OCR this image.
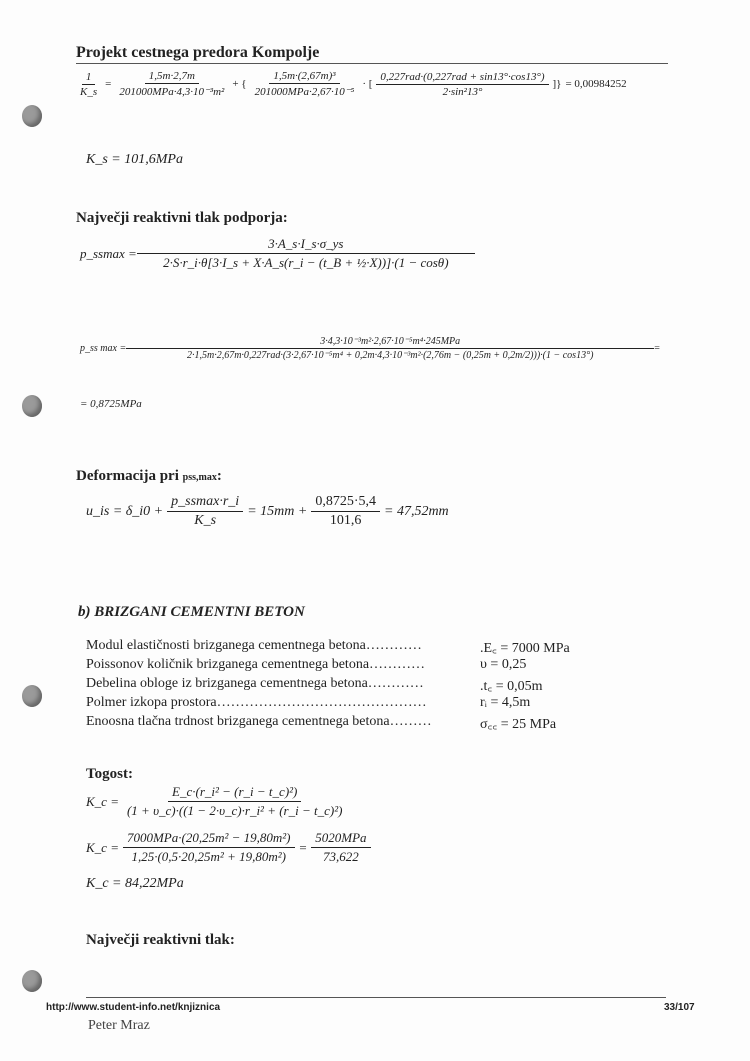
Projekt cestnega predora Kompolje
$\frac{1}{K\_s} = \frac{1,5m\cdot 2,7m}{\text{201000MPa·4,3·10⁻³m²}}$ + { $\frac{\text{1,5m·(2,67m)³}}{\text{201000MPa·2,67·10⁻⁵}}$ · [ $\frac{\text{0,227rad·(0,227rad + sin13°·cos13°)}}{\text{2·sin²13°}}$ ]} = 0,00984252
K_s = 101,6MPa
Največji reaktivni tlak podporja:
p_ssmax = $\frac{3\cdot A\_s\cdot I\_s\cdot\sigma\_ys}{\text{2·S·r\_i·θ[3·I\_s + X·A\_s(r\_i − (t\_B + ½·X))]·(1 − cosθ)}}$
p_ss max =
3·4,3·10⁻³m²·2,67·10⁻⁵m⁴·245MPa
2·1,5m·2,67m·0,227rad·(3·2,67·10⁻⁵m⁴ + 0,2m·4,3·10⁻³m²·(2,76m − (0,25m + 0,2m/2)))·(1 − cos13°)
=
= 0,8725MPa
Deformacija pri pss,max:
u_is = δ_i0 + $\frac{p\_ssmax\cdot r\_i}{K\_s} = 15mm + \frac{0,8725\cdot 5,4}{101,6} = 47,52mm$
b) BRIZGANI CEMENTNI BETON
Modul elastičnosti brizganega cementnega betona…………	.E꜀ = 7000 MPa
Poissonov količnik brizganega cementnega betona…………	υ = 0,25
Debelina obloge iz brizganega cementnega betona…………	.t꜀ = 0,05m
Polmer izkopa prostora………………………………………	rᵢ = 4,5m
Enoosna tlačna trdnost brizganega cementnega betona………	σ꜀꜀ = 25 MPa
Togost:
K_c = $\frac{\text{E\_c·(r\_i² − (r\_i − t\_c)²)}}{\text{(1 + υ\_c)·((1 − 2·υ\_c)·r\_i² + (r\_i − t\_c)²)}}$
K_c = $\frac{\text{7000MPa·(20,25m² − 19,80m²)}}{\text{1,25·(0,5·20,25m² + 19,80m²)}} = \frac{\text{5020MPa}}{73,622}$
K_c = 84,22MPa
Največji reaktivni tlak:
http://www.student-info.net/knjiznica
Peter Mraz
33/107
